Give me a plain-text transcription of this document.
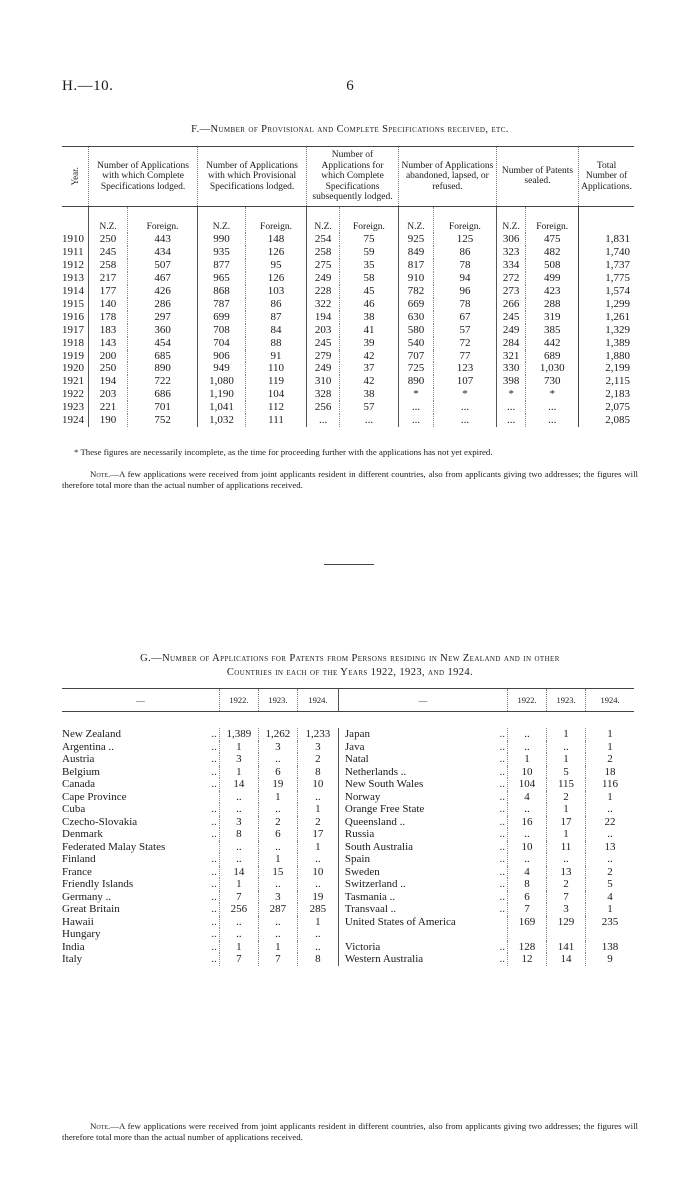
H.—10.	6
F.—Number of Provisional and Complete Specifications received, etc.
Year.	Number of Applications with which Complete Specifications lodged.		Number of Applications with which Provisional Specifications lodged.		Number of Applications for which Complete Specifications subsequently lodged.		Number of Applications abandoned, lapsed, or refused.		Number of Patents sealed.		Total Number of Applications.
	N.Z.	Foreign.	N.Z.	Foreign.	N.Z.	Foreign.	N.Z.	Foreign.	N.Z.	Foreign.	
1910	250	443	990	148	254	75	925	125	306	475	1,831
1911	245	434	935	126	258	59	849	86	323	482	1,740
1912	258	507	877	95	275	35	817	78	334	508	1,737
1913	217	467	965	126	249	58	910	94	272	499	1,775
1914	177	426	868	103	228	45	782	96	273	423	1,574
1915	140	286	787	86	322	46	669	78	266	288	1,299
1916	178	297	699	87	194	38	630	67	245	319	1,261
1917	183	360	708	84	203	41	580	57	249	385	1,329
1918	143	454	704	88	245	39	540	72	284	442	1,389
1919	200	685	906	91	279	42	707	77	321	689	1,880
1920	250	890	949	110	249	37	725	123	330	1,030	2,199
1921	194	722	1,080	119	310	42	890	107	398	730	2,115
1922	203	686	1,190	104	328	38	*	*	*	*	2,183
1923	221	701	1,041	112	256	57	...	...	...	...	2,075
1924	190	752	1,032	111	...	...	...	...	...	...	2,085
* These figures are necessarily incomplete, as the time for proceeding further with the applications has not yet expired.
Note.—A few applications were received from joint applicants resident in different countries, also from applicants giving two addresses; the figures will therefore total more than the actual number of applications received.
G.—Number of Applications for Patents from Persons residing in New Zealand and in other
Countries in each of the Years 1922, 1923, and 1924.
—		1922.	1923.	1924.	—		1922.	1923.	1924.

New Zealand	..	1,389	1,262	1,233	Japan	..	..	1	1
Argentina ..	..	1	3	3	Java	..	..	..	1
Austria	..	3	..	2	Natal	..	1	1	2
Belgium	..	1	6	8	Netherlands ..	..	10	5	18
Canada	..	14	19	10	New South Wales	..	104	115	116
Cape Province		..	1	..	Norway	..	4	2	1
Cuba	..	..	..	1	Orange Free State	..	..	1	..
Czecho-Slovakia	..	3	2	2	Queensland ..	..	16	17	22
Denmark	..	8	6	17	Russia	..	..	1	..
Federated Malay States		..	..	1	South Australia	..	10	11	13
Finland	..	..	1	..	Spain	..	..	..	..
France	..	14	15	10	Sweden	..	4	13	2
Friendly Islands	..	1	..	..	Switzerland ..	..	8	2	5
Germany ..	..	7	3	19	Tasmania ..	..	6	7	4
Great Britain	..	256	287	285	Transvaal ..	..	7	3	1
Hawaii	..	..	..	1	United States of America		169	129	235
Hungary	..	..	..	..					
India	..	1	1	..	Victoria	..	128	141	138
Italy	..	7	7	8	Western Australia	..	12	14	9
Note.—A few applications were received from joint applicants resident in different countries, also from applicants giving two addresses; the figures will therefore total more than the actual number of applications received.
